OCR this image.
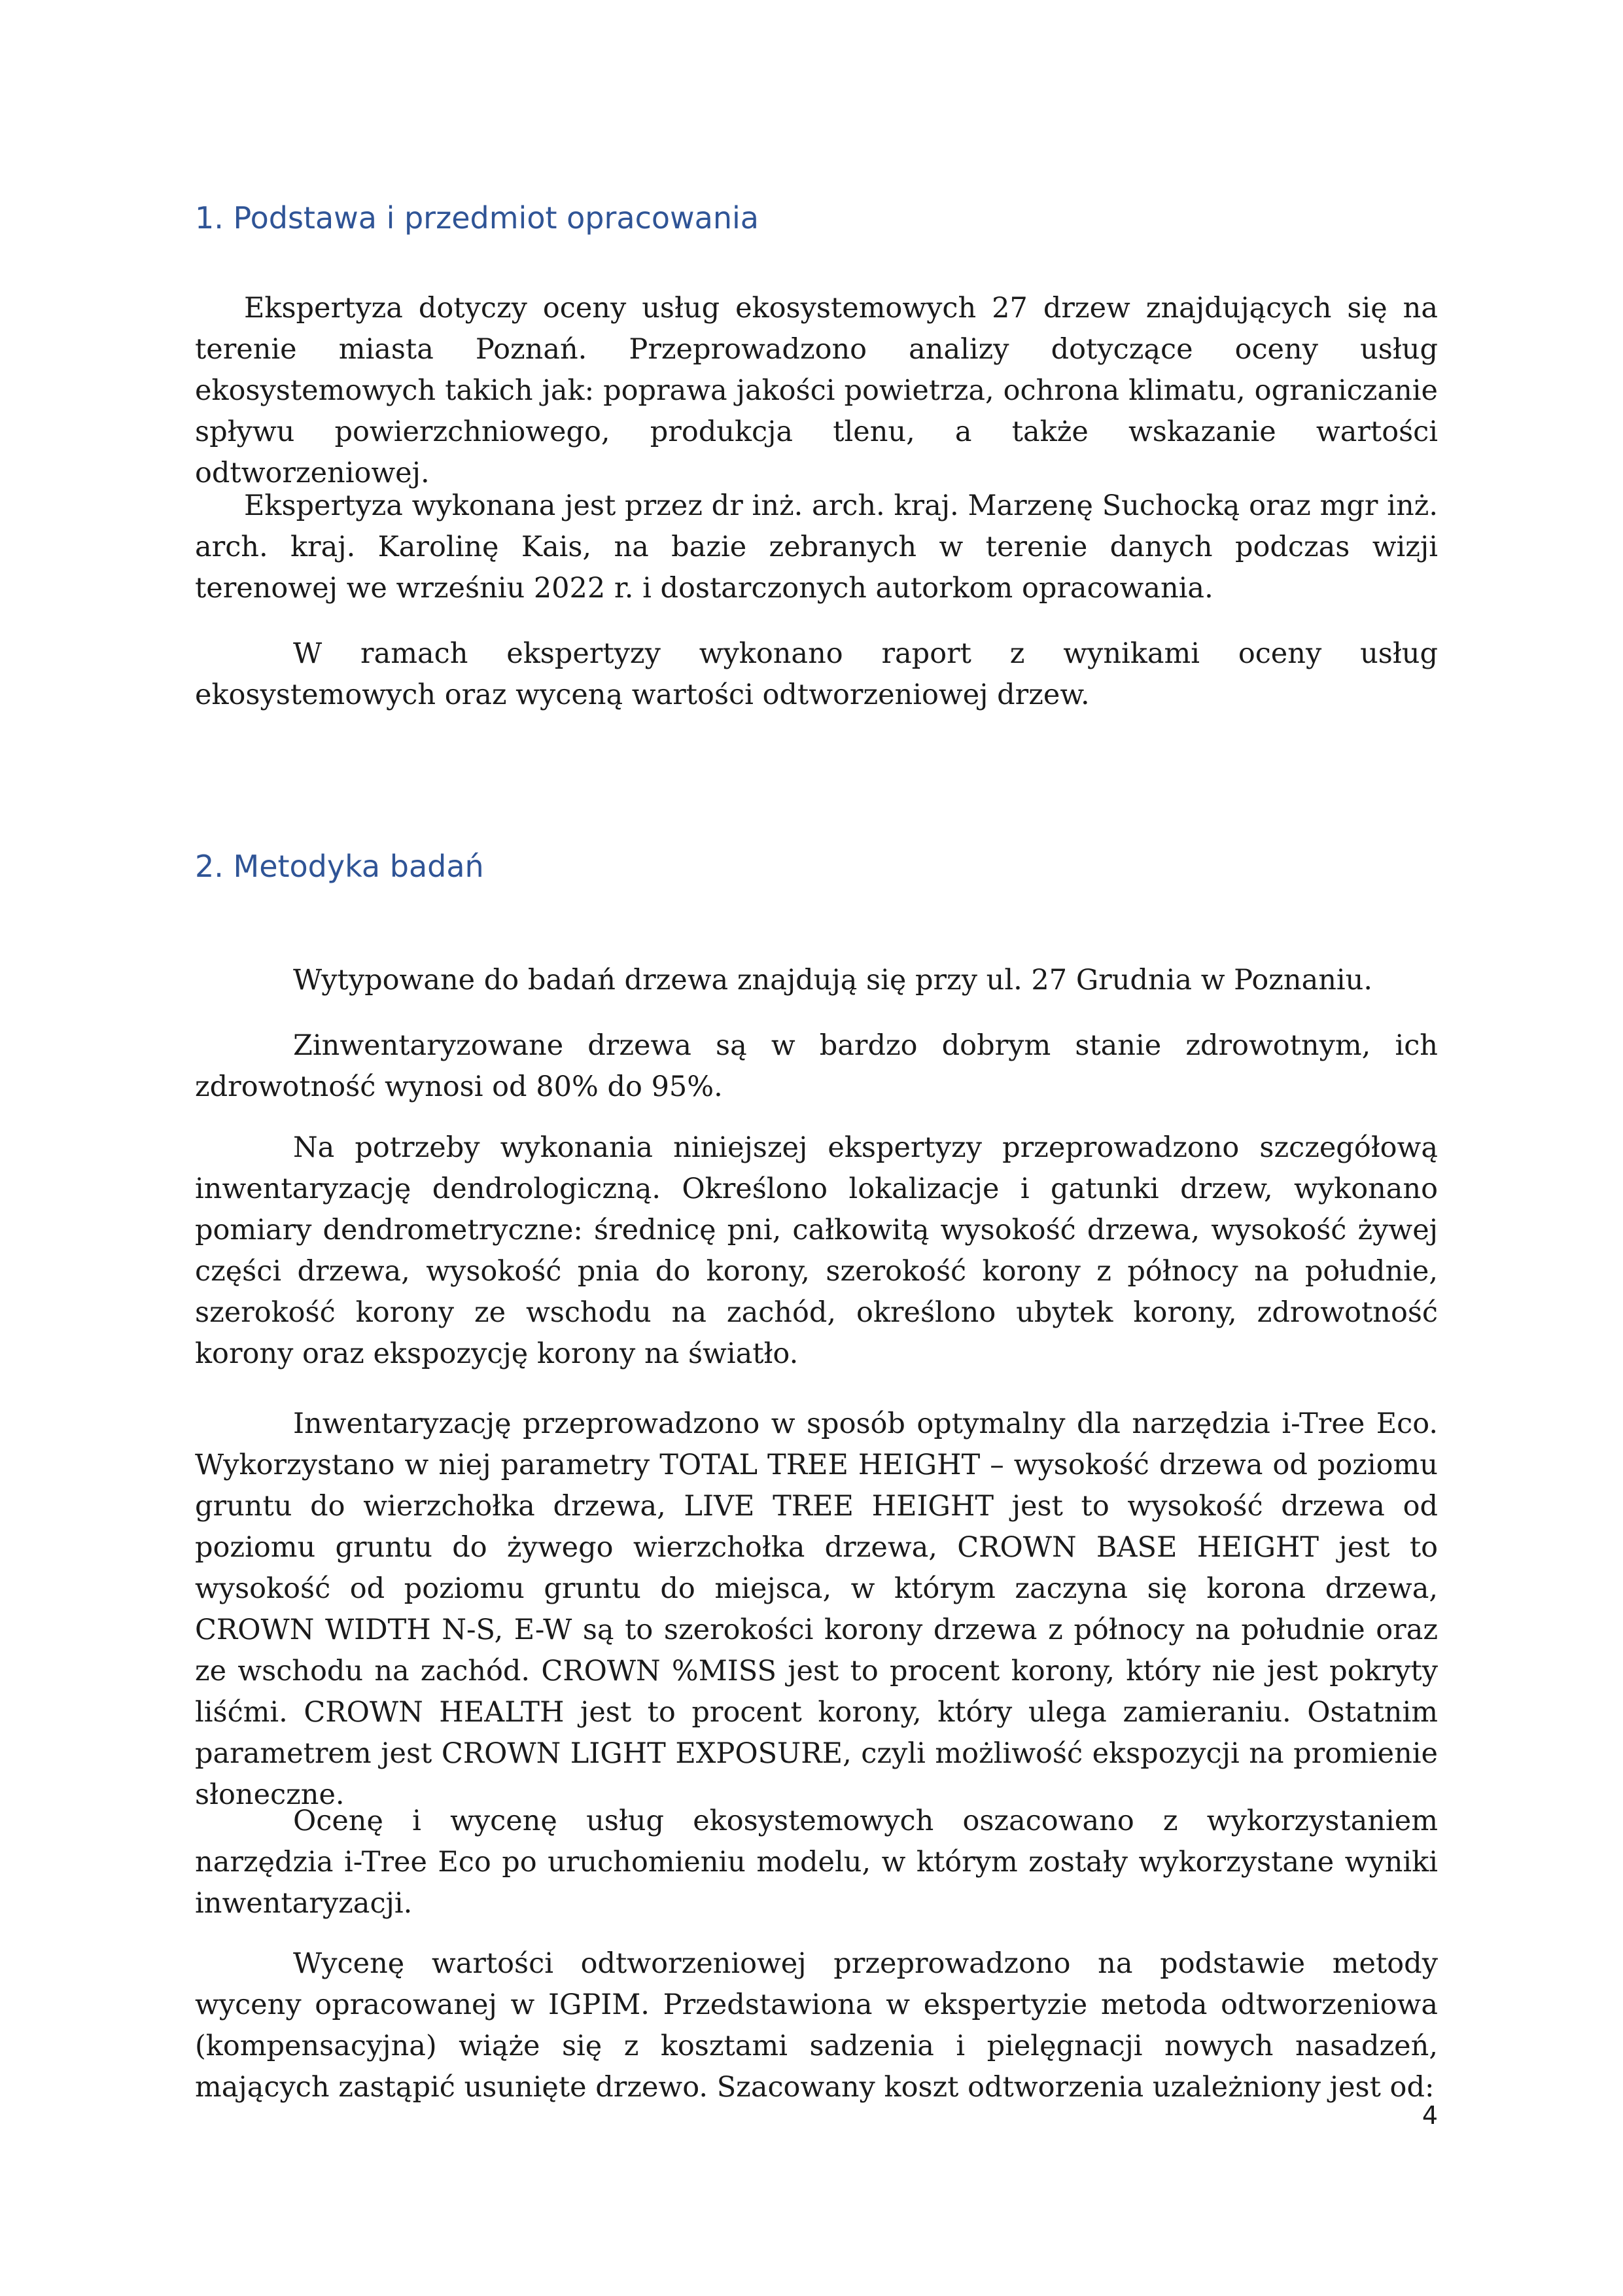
1. Podstawa i przedmiot opracowania

Ekspertyza dotyczy oceny usług ekosystemowych 27 drzew znajdujących się na terenie miasta Poznań. Przeprowadzono analizy dotyczące oceny usług ekosystemowych takich jak: poprawa jakości powietrza, ochrona klimatu, ograniczanie spływu powierzchniowego, produkcja tlenu, a także wskazanie wartości odtworzeniowej.

Ekspertyza wykonana jest przez dr inż. arch. kraj. Marzenę Suchocką oraz mgr inż. arch. kraj. Karolinę Kais, na bazie zebranych w terenie danych podczas wizji terenowej we wrześniu 2022 r. i dostarczonych autorkom opracowania.

W ramach ekspertyzy wykonano raport z wynikami oceny usług ekosystemowych oraz wyceną wartości odtworzeniowej drzew.

2. Metodyka badań

Wytypowane do badań drzewa znajdują się przy ul. 27 Grudnia w Poznaniu.

Zinwentaryzowane drzewa są w bardzo dobrym stanie zdrowotnym, ich zdrowotność wynosi od 80% do 95%.

Na potrzeby wykonania niniejszej ekspertyzy przeprowadzono szczegółową inwentaryzację dendrologiczną. Określono lokalizacje i gatunki drzew, wykonano pomiary dendrometryczne: średnicę pni, całkowitą wysokość drzewa, wysokość żywej części drzewa, wysokość pnia do korony, szerokość korony z północy na południe, szerokość korony ze wschodu na zachód, określono ubytek korony, zdrowotność korony oraz ekspozycję korony na światło.

Inwentaryzację przeprowadzono w sposób optymalny dla narzędzia i-Tree Eco. Wykorzystano w niej parametry TOTAL TREE HEIGHT – wysokość drzewa od poziomu gruntu do wierzchołka drzewa, LIVE TREE HEIGHT jest to wysokość drzewa od poziomu gruntu do żywego wierzchołka drzewa, CROWN BASE HEIGHT jest to wysokość od poziomu gruntu do miejsca, w którym zaczyna się korona drzewa, CROWN WIDTH N-S, E-W są to szerokości korony drzewa z północy na południe oraz ze wschodu na zachód. CROWN %MISS jest to procent korony, który nie jest pokryty liśćmi. CROWN HEALTH jest to procent korony, który ulega zamieraniu. Ostatnim parametrem jest CROWN LIGHT EXPOSURE, czyli możliwość ekspozycji na promienie słoneczne.

Ocenę i wycenę usług ekosystemowych oszacowano z wykorzystaniem narzędzia i-Tree Eco po uruchomieniu modelu, w którym zostały wykorzystane wyniki inwentaryzacji.

Wycenę wartości odtworzeniowej przeprowadzono na podstawie metody wyceny opracowanej w IGPIM. Przedstawiona w ekspertyzie metoda odtworzeniowa (kompensacyjna) wiąże się z kosztami sadzenia i pielęgnacji nowych nasadzeń, mających zastąpić usunięte drzewo. Szacowany koszt odtworzenia uzależniony jest od:

4
